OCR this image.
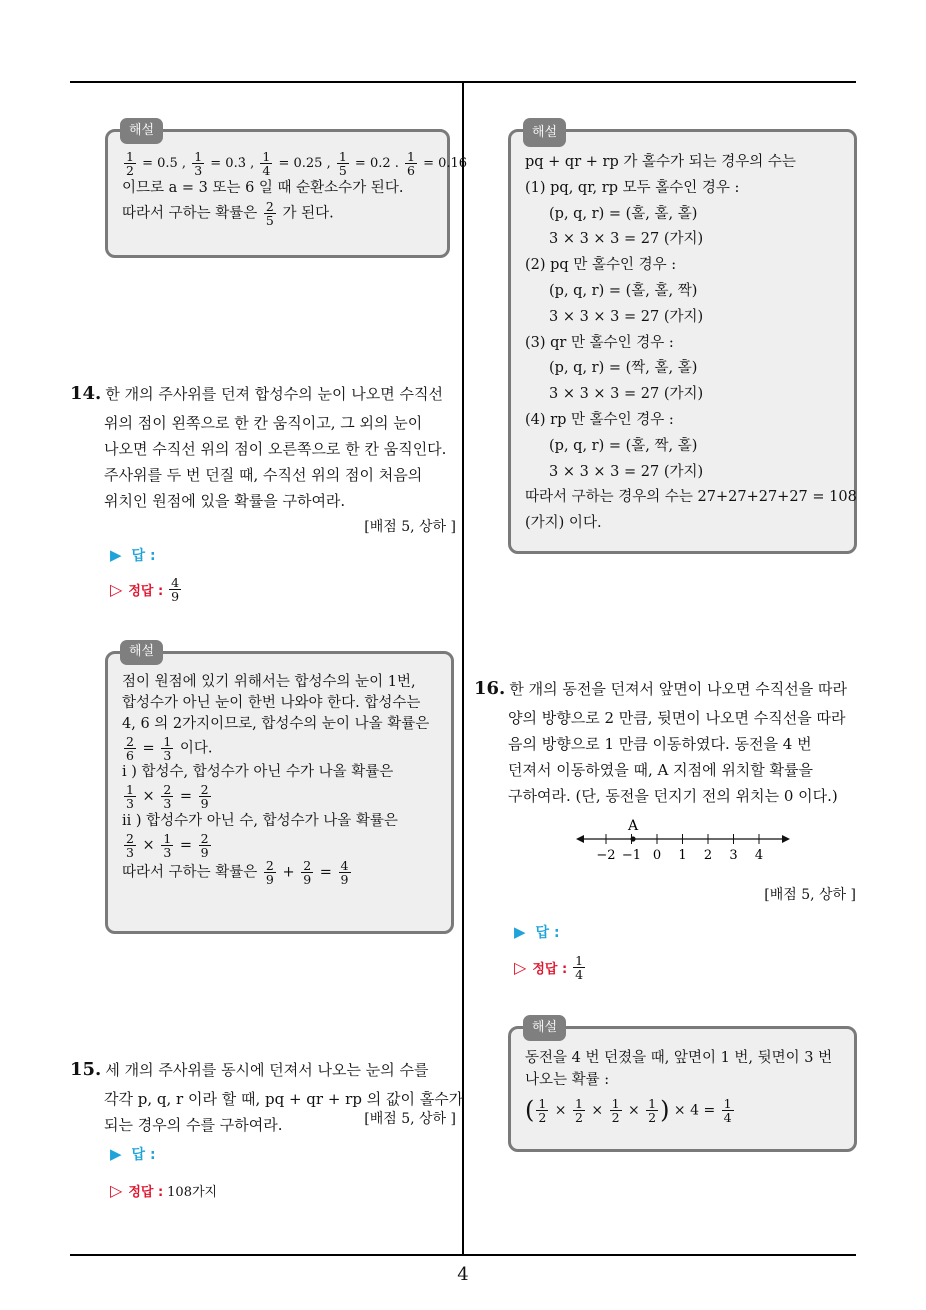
해설
$\frac{1}{2} = 0.5$ , $\frac{1}{3}$ = 0.3̇ , $\frac{1}{4} = 0.25$ , $\frac{1}{5} = 0.2$ . $\frac{1}{6}$ = 0.16̇
이므로 a = 3 또는 6 일 때 순환소수가 된다.
따라서 구하는 확률은 $\frac{2}{5}$ 가 된다.
14. 한 개의 주사위를 던져 합성수의 눈이 나오면 수직선
위의 점이 왼쪽으로 한 칸 움직이고, 그 외의 눈이
나오면 수직선 위의 점이 오른쪽으로 한 칸 움직인다.
주사위를 두 번 던질 때, 수직선 위의 점이 처음의
위치인 원점에 있을 확률을 구하여라.
[배점 5, 상하 ]
▶ 답 :
▷ 정답 : $\frac{4}{9}$
해설
점이 원점에 있기 위해서는 합성수의 눈이 1번,
합성수가 아닌 눈이 한번 나와야 한다. 합성수는
4, 6 의 2가지이므로, 합성수의 눈이 나올 확률은
$\frac{2}{6} = \frac{1}{3}$ 이다.
i ) 합성수, 합성수가 아닌 수가 나올 확률은
$\frac{1}{3} \times \frac{2}{3} = \frac{2}{9}$
ii ) 합성수가 아닌 수, 합성수가 나올 확률은
$\frac{2}{3} \times \frac{1}{3} = \frac{2}{9}$
따라서 구하는 확률은 $\frac{2}{9} + \frac{2}{9} = \frac{4}{9}$
15. 세 개의 주사위를 동시에 던져서 나오는 눈의 수를
각각 p, q, r 이라 할 때, pq + qr + rp 의 값이 홀수가
되는 경우의 수를 구하여라.	[배점 5, 상하 ]
▶ 답 :
▷ 정답 : 108가지
해설
pq + qr + rp 가 홀수가 되는 경우의 수는
(1) pq, qr, rp 모두 홀수인 경우 :
(p, q, r) = (홀, 홀, 홀)
3 × 3 × 3 = 27 (가지)
(2) pq 만 홀수인 경우 :
(p, q, r) = (홀, 홀, 짝)
3 × 3 × 3 = 27 (가지)
(3) qr 만 홀수인 경우 :
(p, q, r) = (짝, 홀, 홀)
3 × 3 × 3 = 27 (가지)
(4) rp 만 홀수인 경우 :
(p, q, r) = (홀, 짝, 홀)
3 × 3 × 3 = 27 (가지)
따라서 구하는 경우의 수는 27+27+27+27 = 108
(가지) 이다.
16. 한 개의 동전을 던져서 앞면이 나오면 수직선을 따라
양의 방향으로 2 만큼, 뒷면이 나오면 수직선을 따라
음의 방향으로 1 만큼 이동하였다. 동전을 4 번
던져서 이동하였을 때, A 지점에 위치할 확률을
구하여라. (단, 동전을 던지기 전의 위치는 0 이다.)
−2 −1 0 1 2 3 4
A
[배점 5, 상하 ]
▶ 답 :
▷ 정답 : $\frac{1}{4}$
해설
동전을 4 번 던졌을 때, 앞면이 1 번, 뒷면이 3 번
나오는 확률 :
( $\frac{1}{2} \times \frac{1}{2} \times \frac{1}{2} \times \frac{1}{2}$ ) × $4 = \frac{1}{4}$
4
